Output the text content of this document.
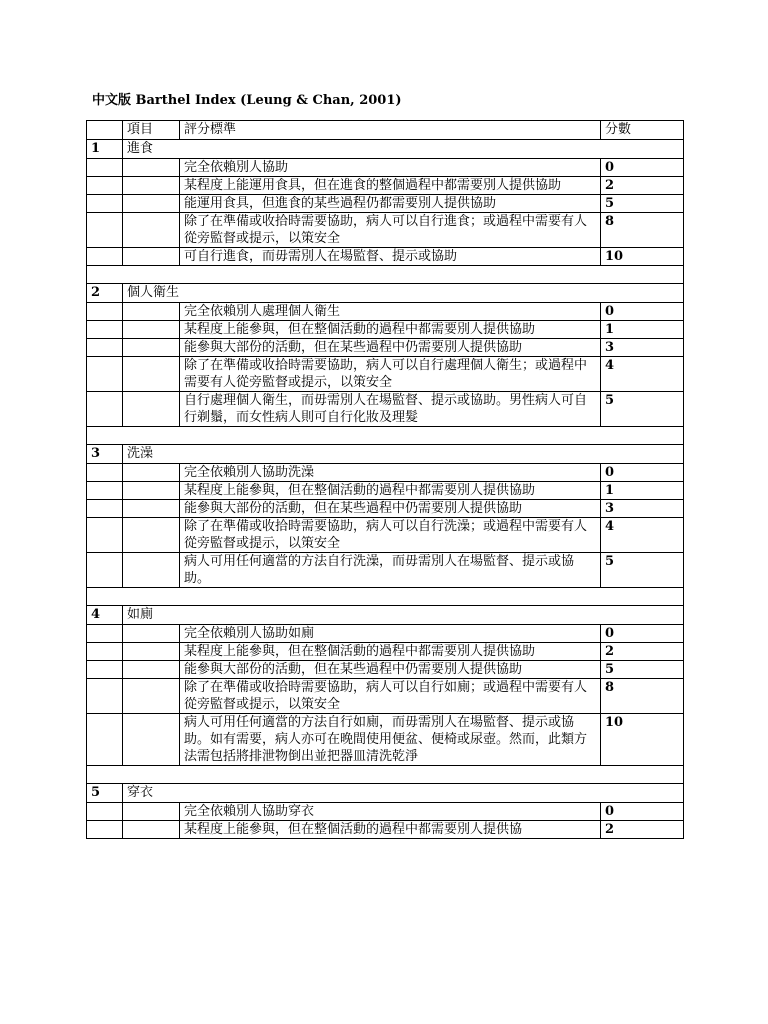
中文版 Barthel Index (Leung & Chan, 2001)
	項目	評分標準	分數
1	進食		
		完全依賴別人協助	0
		某程度上能運用食具，但在進食的整個過程中都需要別人提供協助	2
		能運用食具，但進食的某些過程仍都需要別人提供協助	5
		除了在準備或收拾時需要協助，病人可以自行進食；或過程中需要有人從旁監督或提示，以策安全	8
		可自行進食，而毋需別人在場監督、提示或協助	10

2	個人衛生		
		完全依賴別人處理個人衛生	0
		某程度上能參與，但在整個活動的過程中都需要別人提供協助	1
		能參與大部份的活動，但在某些過程中仍需要別人提供協助	3
		除了在準備或收拾時需要協助，病人可以自行處理個人衛生；或過程中需要有人從旁監督或提示，以策安全	4
		自行處理個人衛生，而毋需別人在場監督、提示或協助。男性病人可自行剃鬚，而女性病人則可自行化妝及理髮	5

3	洗澡		
		完全依賴別人協助洗澡	0
		某程度上能參與，但在整個活動的過程中都需要別人提供協助	1
		能參與大部份的活動，但在某些過程中仍需要別人提供協助	3
		除了在準備或收拾時需要協助，病人可以自行洗澡；或過程中需要有人從旁監督或提示，以策安全	4
		病人可用任何適當的方法自行洗澡，而毋需別人在場監督、提示或協助。	5

4	如廁		
		完全依賴別人協助如廁	0
		某程度上能參與，但在整個活動的過程中都需要別人提供協助	2
		能參與大部份的活動，但在某些過程中仍需要別人提供協助	5
		除了在準備或收拾時需要協助，病人可以自行如廁；或過程中需要有人從旁監督或提示，以策安全	8
		病人可用任何適當的方法自行如廁，而毋需別人在場監督、提示或協助。如有需要，病人亦可在晚間使用便盆、便椅或尿壺。然而，此類方法需包括將排泄物倒出並把器皿清洗乾淨	10

5	穿衣		
		完全依賴別人協助穿衣	0
		某程度上能參與，但在整個活動的過程中都需要別人提供協	2
